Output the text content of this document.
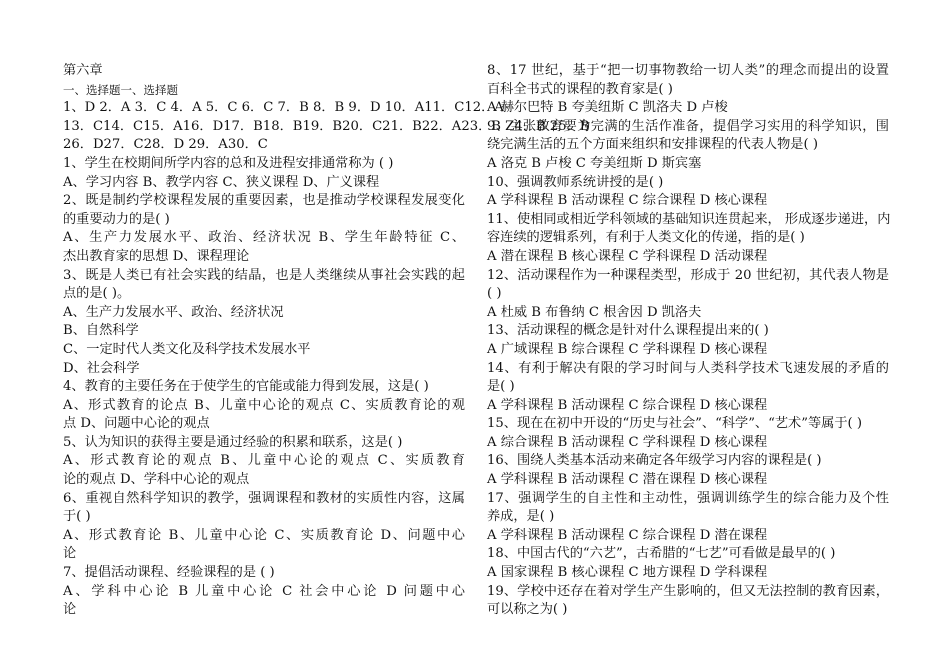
第六章
一、选择题一、选择题
1、D 2．A 3．C 4．A 5．C 6．C 7．B 8．B 9．D 10．A11．C12．A
13．C14．C15．A16．D17．B18．B19．B20．C21．B22．A23．B Z4．B 25．B
26．D27．C28．D 29．A30．C
1、学生在校期间所学内容的总和及进程安排通常称为 ( )
A、学习内容 B、教学内容 C、狭义课程 D、广义课程
2、既是制约学校课程发展的重要因素，也是推动学校课程发展变化
的重要动力的是( )
A、生产力发展水平、政治、经济状况 B、学生年龄特征 C、
杰出教育家的思想 D、课程理论
3、既是人类已有社会实践的结晶，也是人类继续从事社会实践的起
点的是( )。
A、生产力发展水平、政治、经济状况
B、自然科学
C、一定时代人类文化及科学技术发展水平
D、社会科学
4、教育的主要任务在于使学生的官能或能力得到发展，这是( )
A、形式教育的论点 B、儿童中心论的观点 C、实质教育论的观
点 D、问题中心论的观点
5、认为知识的获得主要是通过经验的积累和联系，这是( )
A、形式教育论的观点 B、儿童中心论的观点 C、实质教育
论的观点 D、学科中心论的观点
6、重视自然科学知识的教学，强调课程和教材的实质性内容，这属
于( )
A、形式教育论 B、儿童中心论 C、实质教育论 D、问题中心
论
7、提倡活动课程、经验课程的是 ( )
A、学科中心论 B 儿童中心论 C 社会中心论 D 问题中心
论
8、17 世纪，基于“把一切事物教给一切人类”的理念而提出的设置
百科全书式的课程的教育家是( )
A 赫尔巴特 B 夸美纽斯 C 凯洛夫 D 卢梭
9、主张教育要为完满的生活作准备，提倡学习实用的科学知识，围
绕完满生活的五个方面来组织和安排课程的代表人物是( )
A 洛克 B 卢梭 C 夸美纽斯 D 斯宾塞
10、强调教师系统讲授的是( )
A 学科课程 B 活动课程 C 综合课程 D 核心课程
11、使相同或相近学科领域的基础知识连贯起来， 形成逐步递进，内
容连续的逻辑系列，有利于人类文化的传递，指的是( )
A 潜在课程 B 核心课程 C 学科课程 D 活动课程
12、活动课程作为一种课程类型，形成于 20 世纪初，其代表人物是
( )
A 杜威 B 布鲁纳 C 根舍因 D 凯洛夫
13、活动课程的概念是针对什么课程提出来的( )
A 广域课程 B 综合课程 C 学科课程 D 核心课程
14、有利于解决有限的学习时间与人类科学技术飞速发展的矛盾的
是( )
A 学科课程 B 活动课程 C 综合课程 D 核心课程
15、现在在初中开设的“历史与社会”、“科学”、“艺术”等属于( )
A 综合课程 B 活动课程 C 学科课程 D 核心课程
16、围绕人类基本活动来确定各年级学习内容的课程是( )
A 学科课程 B 活动课程 C 潜在课程 D 核心课程
17、强调学生的自主性和主动性，强调训练学生的综合能力及个性
养成，是( )
A 学科课程 B 活动课程 C 综合课程 D 潜在课程
18、中国古代的“六艺”，古希腊的“七艺”可看做是最早的( )
A 国家课程 B 核心课程 C 地方课程 D 学科课程
19、学校中还存在着对学生产生影响的，但又无法控制的教育因素，
可以称之为( )
